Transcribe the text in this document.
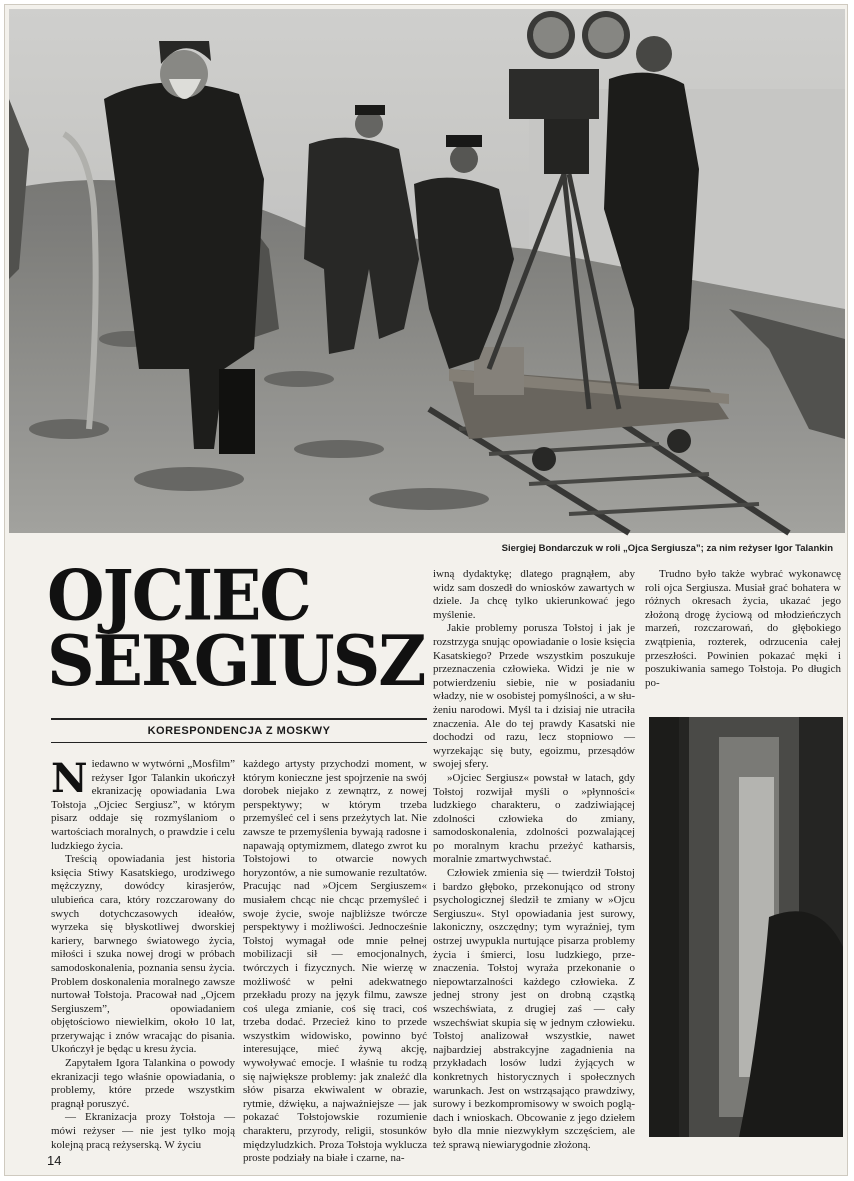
Siergiej Bondarczuk w roli „Ojca Sergiusza”; za nim reżyser Igor Talankin
OJCIEC
SERGIUSZ
KORESPONDENCJA Z MOSKWY

Niedawno w wytwórni „Mosfilm” reżyser Igor Talankin ukończył ekranizację opowiadania Lwa Tołstoja „Ojciec Sergiusz”, w którym pisarz oddaje się rozmyślaniom o wartościach moralnych, o prawdzie i celu ludzkiego życia.

Treścią opowiadania jest historia księcia Stiwy Kasatskiego, urodziwego mężczyzny, dowódcy kirasjerów, ulubieńca cara, który rozczarowany do swych dotychczasowych ideałów, wyrzeka się błyskotliwej dworskiej kariery, barwnego światowego życia, miłości i szuka nowej drogi w próbach samodoskonalenia, poznania sensu życia. Problem doskonalenia moralnego zawsze nurtował Tołstoja. Pracował nad „Ojcem Sergiuszem”, opowiadaniem objętościowo niewielkim, około 10 lat, przerywając i znów wracając do pisania. Ukończył je będąc u kresu życia.

Zapytałem Igora Talankina o powody ekranizacji tego właśnie opowiadania, o problemy, które przede wszystkim pragnął poruszyć.

— Ekranizacja prozy Tołstoja — mówi reżyser — nie jest tylko moją kolejną pracą reżyserską. W życiu

każdego artysty przychodzi moment, w którym konieczne jest spojrzenie na swój dorobek niejako z zewnątrz, z nowej perspektywy; w którym trzeba przemyśleć cel i sens przeżytych lat. Nie zawsze te przemyślenia bywają radosne i napawają optymizmem, dlatego zwrot ku Tołstojowi to otwarcie nowych horyzontów, a nie sumowanie rezultatów. Pracując nad »Ojcem Sergiuszem« musiałem chcąc nie chcąc przemyśleć i swoje życie, swoje najbliższe twórcze perspektywy i możliwości. Jednocześnie Tołstoj wymagał ode mnie pełnej mobilizacji sił — emocjonalnych, twórczych i fizycznych. Nie wierzę w możliwość w pełni adekwatnego przekładu prozy na język filmu, zawsze coś ulega zmianie, coś się traci, coś trzeba dodać. Przecież kino to przede wszystkim widowisko, powinno być interesujące, mieć żywą akcję, wywoływać emocje. I właśnie tu rodzą się największe problemy: jak znaleźć dla słów pisarza ekwiwalent w obrazie, rytmie, dźwięku, a najważniejsze — jak pokazać Tołstojowskie rozumienie charakteru, przyrody, religii, stosunków międzyludzkich. Proza Tołstoja wyklucza proste podziały na białe i czarne, na-

iwną dydaktykę; dlatego pragnąłem, aby widz sam doszedł do wniosków zawartych w dziele. Ja chcę tylko ukierunkować jego myślenie.

Jakie problemy porusza Tołstoj i jak je rozstrzyga snując opowiadanie o losie księcia Kasatskiego? Przede wszystkim poszukuje przeznaczenia człowieka. Widzi je nie w potwierdzeniu siebie, nie w posiadaniu władzy, nie w osobistej pomyślności, a w służeniu narodowi. Myśl ta i dzisiaj nie utraciła znaczenia. Ale do tej prawdy Kasatski nie dochodzi od razu, lecz stopniowo — wyrzekając się buty, egoizmu, przesądów swojej sfery.

»Ojciec Sergiusz« powstał w latach, gdy Tołstoj rozwijał myśli o »płynności« ludzkiego charakteru, o zadziwiającej zdolności człowieka do zmiany, samodoskonalenia, zdolności pozwalającej po moralnym krachu przeżyć katharsis, moralnie zmartwychwstać.

Człowiek zmienia się — twierdził Tołstoj i bardzo głęboko, przekonująco od strony psychologicznej śledził te zmiany w »Ojcu Sergiuszu«. Styl opowiadania jest surowy, lakoniczny, oszczędny; tym wyraźniej, tym ostrzej uwypukla nurtujące pisarza problemy życia i śmierci, losu ludzkiego, przeznaczenia. Tołstoj wyraża przekonanie o niepowtarzalności każdego człowieka. Z jednej strony jest on drobną cząstką wszechświata, z drugiej zaś — cały wszechświat skupia się w jednym człowieku. Tołstoj analizował wszystkie, nawet najbardziej abstrakcyjne zagadnienia na przykładach losów ludzi żyjących w konkretnych historycznych i społecznych warunkach. Jest on wstrząsająco prawdziwy, surowy i bezkompromisowy w swoich poglądach i wnioskach. Obcowanie z jego dziełem było dla mnie niezwykłym szczęściem, ale też sprawą niewiarygodnie złożoną.

Trudno było także wybrać wykonawcę roli ojca Sergiusza. Musiał grać bohatera w różnych okresach życia, ukazać jego złożoną drogę życiową od młodzieńczych marzeń, rozczarowań, do głębokiego zwątpienia, rozterek, odrzucenia całej przeszłości. Powinien pokazać męki i poszukiwania samego Tołstoja. Po długich po-

14
